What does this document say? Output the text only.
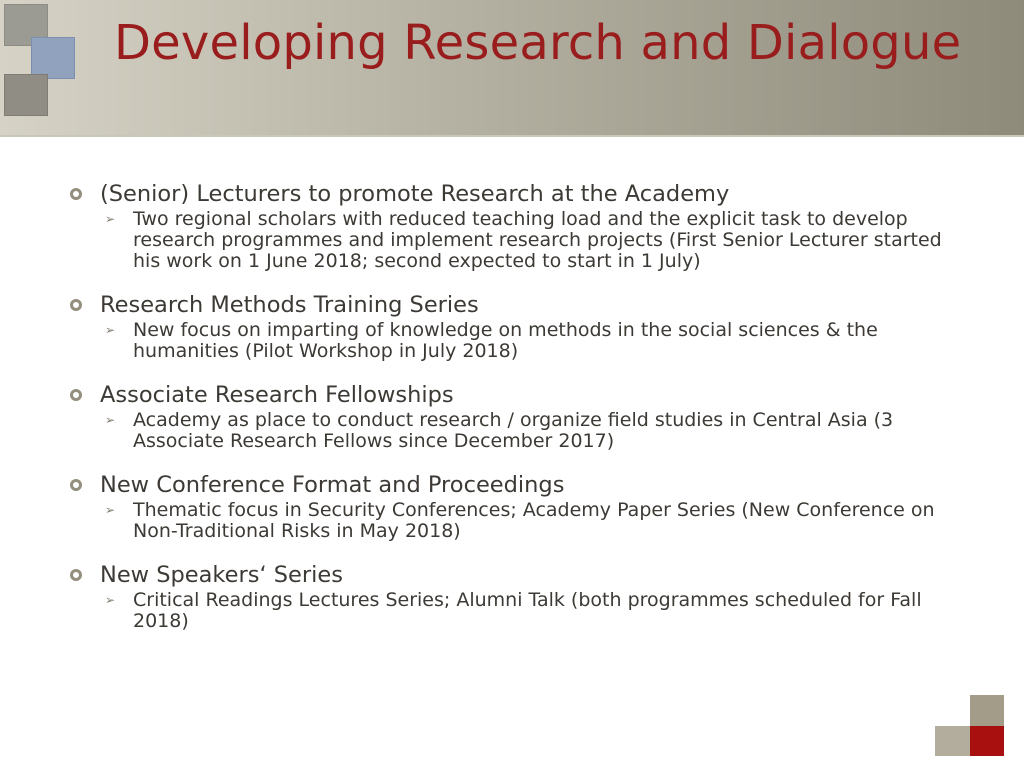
Developing Research and Dialogue
(Senior) Lecturers to promote Research at the Academy
➢ Two regional scholars with reduced teaching load and the explicit task to develop research programmes and implement research projects (First Senior Lecturer started his work on 1 June 2018; second expected to start in 1 July)
Research Methods Training Series
➢ New focus on imparting of knowledge on methods in the social sciences & the humanities (Pilot Workshop in July 2018)
Associate Research Fellowships
➢ Academy as place to conduct research / organize field studies in Central Asia (3 Associate Research Fellows since December 2017)
New Conference Format and Proceedings
➢ Thematic focus in Security Conferences; Academy Paper Series (New Conference on Non-Traditional Risks in May 2018)
New Speakers‘ Series
➢ Critical Readings Lectures Series; Alumni Talk (both programmes scheduled for Fall 2018)
